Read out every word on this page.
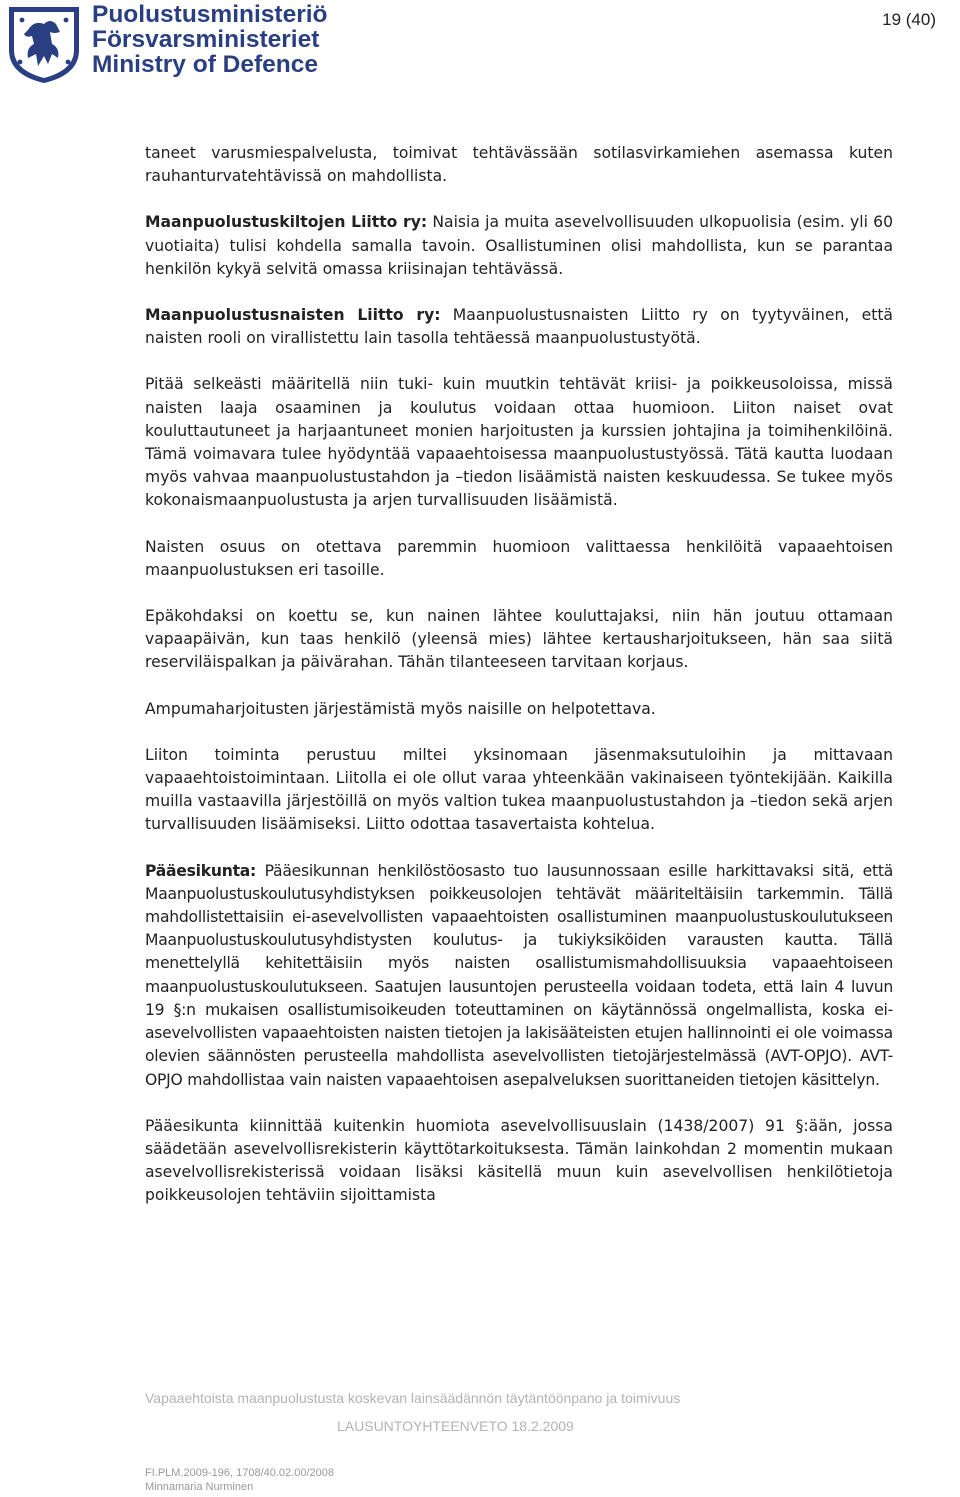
Puolustusministeriö
Försvarsministeriet
Ministry of Defence
19 (40)

taneet varusmiespalvelusta, toimivat tehtävässään sotilasvirkamiehen asemassa kuten rauhanturvatehtävissä on mahdollista.

Maanpuolustuskiltojen Liitto ry: Naisia ja muita asevelvollisuuden ulkopuolisia (esim. yli 60 vuotiaita) tulisi kohdella samalla tavoin. Osallistuminen olisi mahdollista, kun se parantaa henkilön kykyä selvitä omassa kriisinajan tehtävässä.

Maanpuolustusnaisten Liitto ry: Maanpuolustusnaisten Liitto ry on tyytyväinen, että naisten rooli on virallistettu lain tasolla tehtäessä maanpuolustustyötä.

Pitää selkeästi määritellä niin tuki- kuin muutkin tehtävät kriisi- ja poikkeusoloissa, missä naisten laaja osaaminen ja koulutus voidaan ottaa huomioon. Liiton naiset ovat kouluttautuneet ja harjaantuneet monien harjoitusten ja kurssien johtajina ja toimihenkilöinä. Tämä voimavara tulee hyödyntää vapaaehtoisessa maanpuolustustyössä. Tätä kautta luodaan myös vahvaa maanpuolustustahdon ja –tiedon lisäämistä naisten keskuudessa. Se tukee myös kokonaismaanpuolustusta ja arjen turvallisuuden lisäämistä.

Naisten osuus on otettava paremmin huomioon valittaessa henkilöitä vapaaehtoisen maanpuolustuksen eri tasoille.

Epäkohdaksi on koettu se, kun nainen lähtee kouluttajaksi, niin hän joutuu ottamaan vapaapäivän, kun taas henkilö (yleensä mies) lähtee kertausharjoitukseen, hän saa siitä reserviläispalkan ja päivärahan. Tähän tilanteeseen tarvitaan korjaus.

Ampumaharjoitusten järjestämistä myös naisille on helpotettava.

Liiton toiminta perustuu miltei yksinomaan jäsenmaksutuloihin ja mittavaan vapaaehtoistoimintaan. Liitolla ei ole ollut varaa yhteenkään vakinaiseen työntekijään. Kaikilla muilla vastaavilla järjestöillä on myös valtion tukea maanpuolustustahdon ja –tiedon sekä arjen turvallisuuden lisäämiseksi. Liitto odottaa tasavertaista kohtelua.

Pääesikunta: Pääesikunnan henkilöstöosasto tuo lausunnossaan esille harkittavaksi sitä, että Maanpuolustuskoulutusyhdistyksen poikkeusolojen tehtävät määriteltäisiin tarkemmin. Tällä mahdollistettaisiin ei-asevelvollisten vapaaehtoisten osallistuminen maanpuolustuskoulutukseen Maanpuolustuskoulutusyhdistysten koulutus- ja tukiyksiköiden varausten kautta. Tällä menettelyllä kehitettäisiin myös naisten osallistumismahdollisuuksia vapaaehtoiseen maanpuolustuskoulutukseen. Saatujen lausuntojen perusteella voidaan todeta, että lain 4 luvun 19 §:n mukaisen osallistumisoikeuden toteuttaminen on käytännössä ongelmallista, koska ei-asevelvollisten vapaaehtoisten naisten tietojen ja lakisääteisten etujen hallinnointi ei ole voimassa olevien säännösten perusteella mahdollista asevelvollisten tietojärjestelmässä (AVT-OPJO). AVT-OPJO mahdollistaa vain naisten vapaaehtoisen asepalveluksen suorittaneiden tietojen käsittelyn.

Pääesikunta kiinnittää kuitenkin huomiota asevelvollisuuslain (1438/2007) 91 §:ään, jossa säädetään asevelvollisrekisterin käyttötarkoituksesta. Tämän lainkohdan 2 momentin mukaan asevelvollisrekisterissä voidaan lisäksi käsitellä muun kuin asevelvollisen henkilötietoja poikkeusolojen tehtäviin sijoittamista

Vapaaehtoista maanpuolustusta koskevan lainsäädännön täytäntöönpano ja toimivuus
LAUSUNTOYHTEENVETO 18.2.2009
FI.PLM.2009-196, 1708/40.02.00/2008
Minnamaria Nurminen
